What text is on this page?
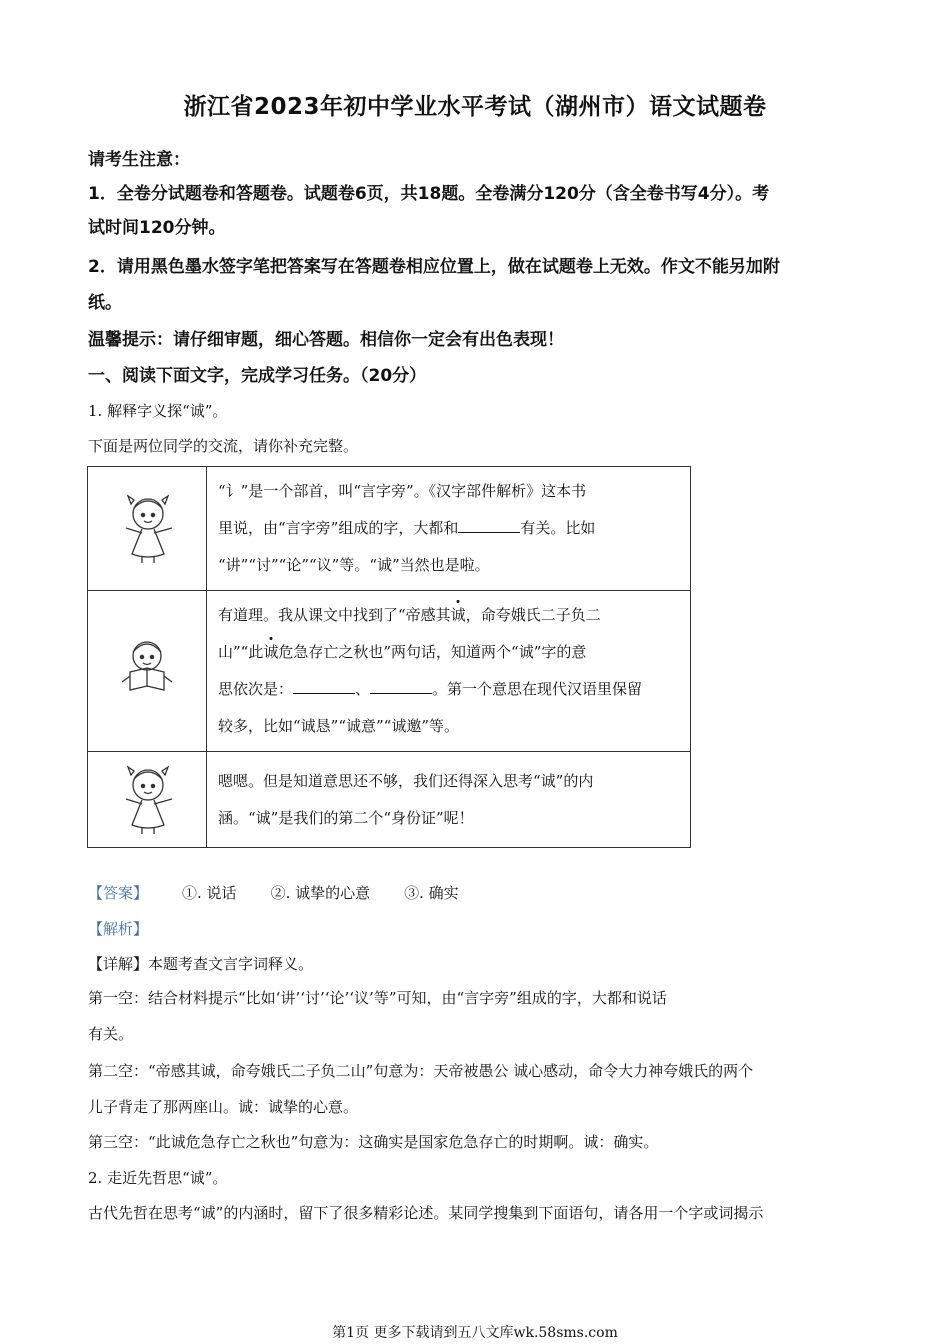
浙江省2023年初中学业水平考试（湖州市）语文试题卷

请考生注意：

1．全卷分试题卷和答题卷。试题卷6页，共18题。全卷满分120分（含全卷书写4分）。考

试时间120分钟。

2．请用黑色墨水签字笔把答案写在答题卷相应位置上，做在试题卷上无效。作文不能另加附

纸。

温馨提示：请仔细审题，细心答题。相信你一定会有出色表现！

一、阅读下面文字，完成学习任务。（20分）

1. 解释字义探“诚”。

下面是两位同学的交流，请你补充完整。

“讠”是一个部首，叫“言字旁”。《汉字部件解析》这本书
里说，由“言字旁”组成的字，大都和 有关。比如
“讲”“讨”“论”“议”等。“诚”当然也是啦。

有道理。我从课文中找到了“帝感其诚，命夸娥氏二子负二
山”“此诚危急存亡之秋也”两句话，知道两个“诚”字的意
思依次是： 、 。第一个意思在现代汉语里保留
较多，比如“诚恳”“诚意”“诚邀”等。

嗯嗯。但是知道意思还不够，我们还得深入思考“诚”的内
涵。“诚”是我们的第二个“身份证”呢！

【答案】 ①. 说话 ②. 诚挚的心意 ③. 确实

【解析】

【详解】本题考查文言字词释义。

第一空：结合材料提示“比如‘讲’‘讨’‘论’‘议’等”可知，由“言字旁”组成的字，大都和说话

有关。

第二空：“帝感其诚，命夸娥氏二子负二山”句意为：天帝被愚公 诚心感动，命令大力神夸娥氏的两个

儿子背走了那两座山。诚：诚挚的心意。

第三空：“此诚危急存亡之秋也”句意为：这确实是国家危急存亡的时期啊。诚：确实。

2. 走近先哲思“诚”。

古代先哲在思考“诚”的内涵时，留下了很多精彩论述。某同学搜集到下面语句，请各用一个字或词揭示

第1页 更多下载请到五八文库wk.58sms.com
